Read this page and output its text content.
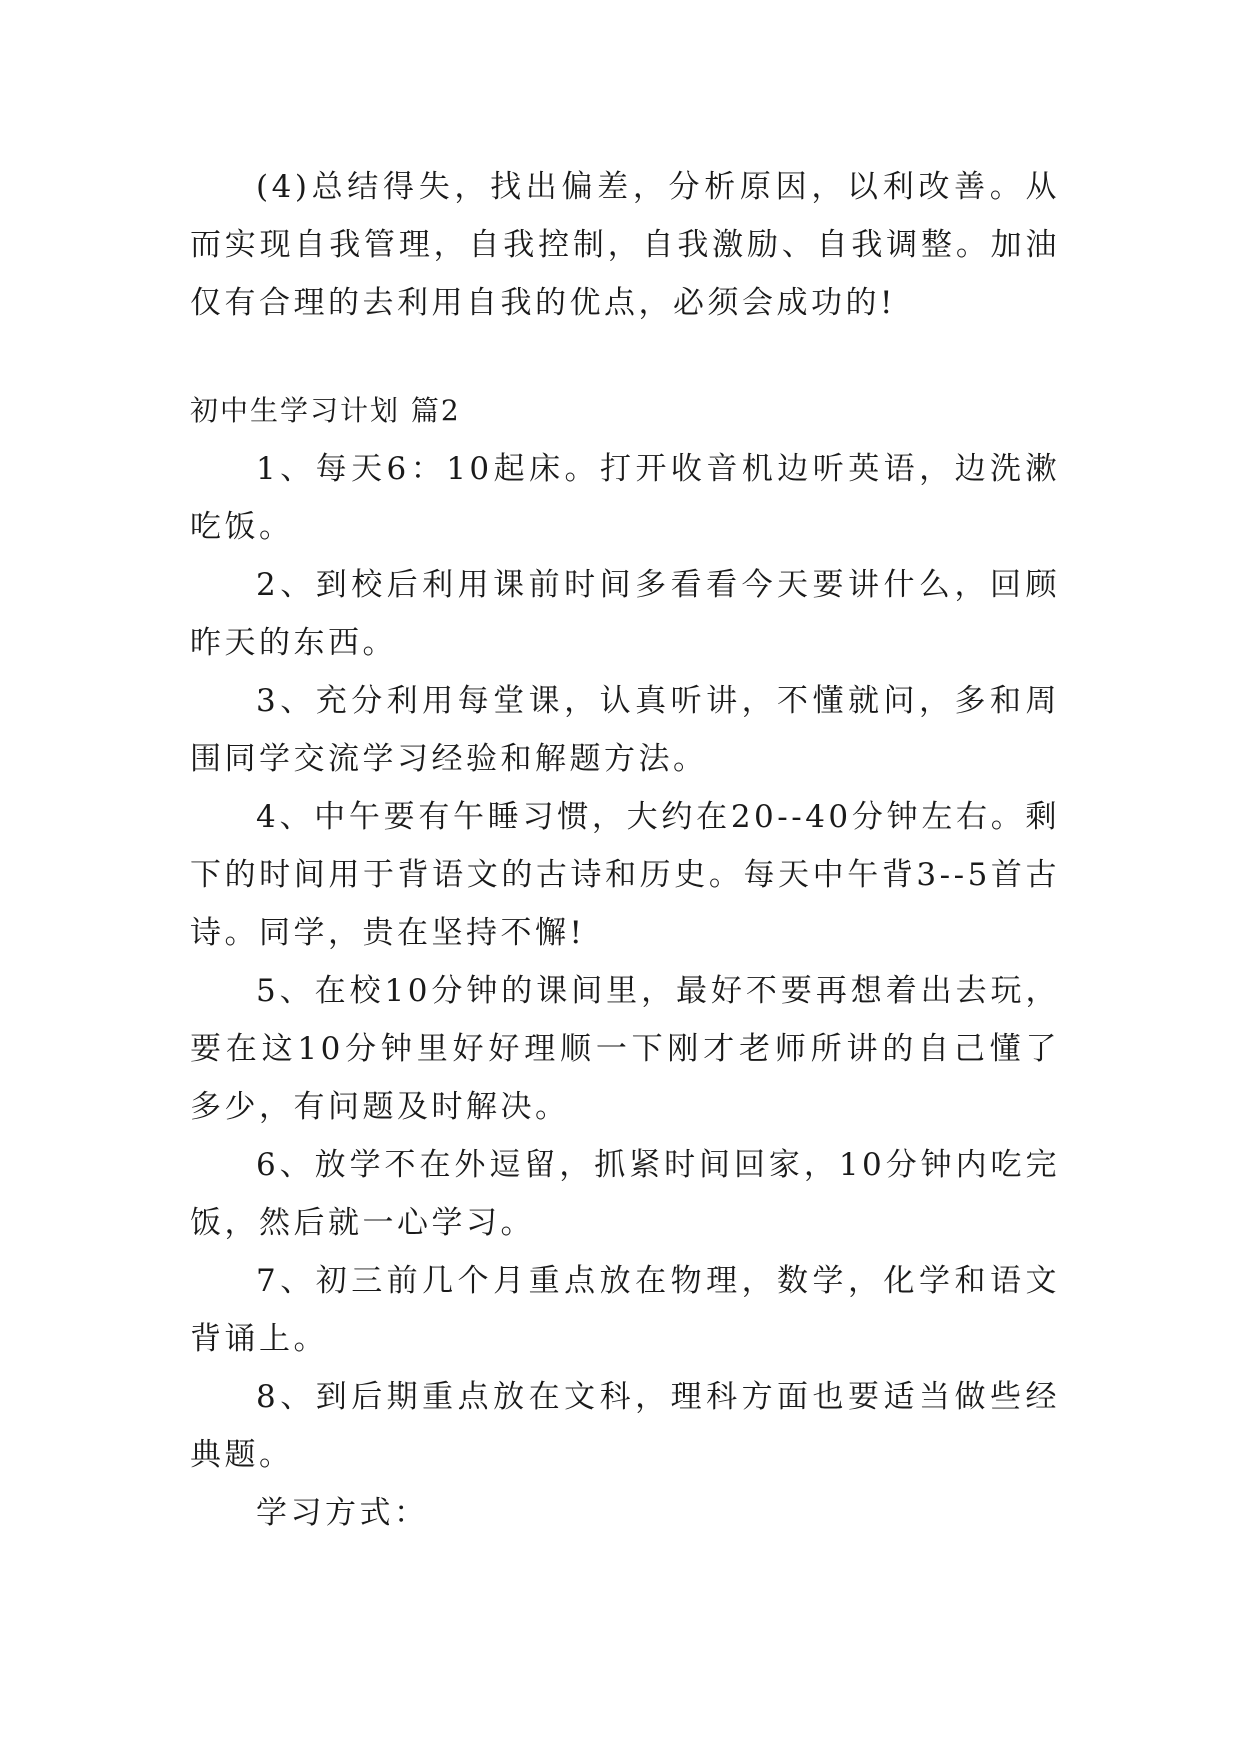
(4)总结得失，找出偏差，分析原因，以利改善。从而实现自我管理，自我控制，自我激励、自我调整。加油仅有合理的去利用自我的优点，必须会成功的!

初中生学习计划 篇2

1、每天6：10起床。打开收音机边听英语，边洗漱吃饭。

2、到校后利用课前时间多看看今天要讲什么，回顾昨天的东西。

3、充分利用每堂课，认真听讲，不懂就问，多和周围同学交流学习经验和解题方法。

4、中午要有午睡习惯，大约在20--40分钟左右。剩下的时间用于背语文的古诗和历史。每天中午背3--5首古诗。同学，贵在坚持不懈!

5、在校10分钟的课间里，最好不要再想着出去玩，要在这10分钟里好好理顺一下刚才老师所讲的自己懂了多少，有问题及时解决。

6、放学不在外逗留，抓紧时间回家，10分钟内吃完饭，然后就一心学习。

7、初三前几个月重点放在物理，数学，化学和语文背诵上。

8、到后期重点放在文科，理科方面也要适当做些经典题。

学习方式：
